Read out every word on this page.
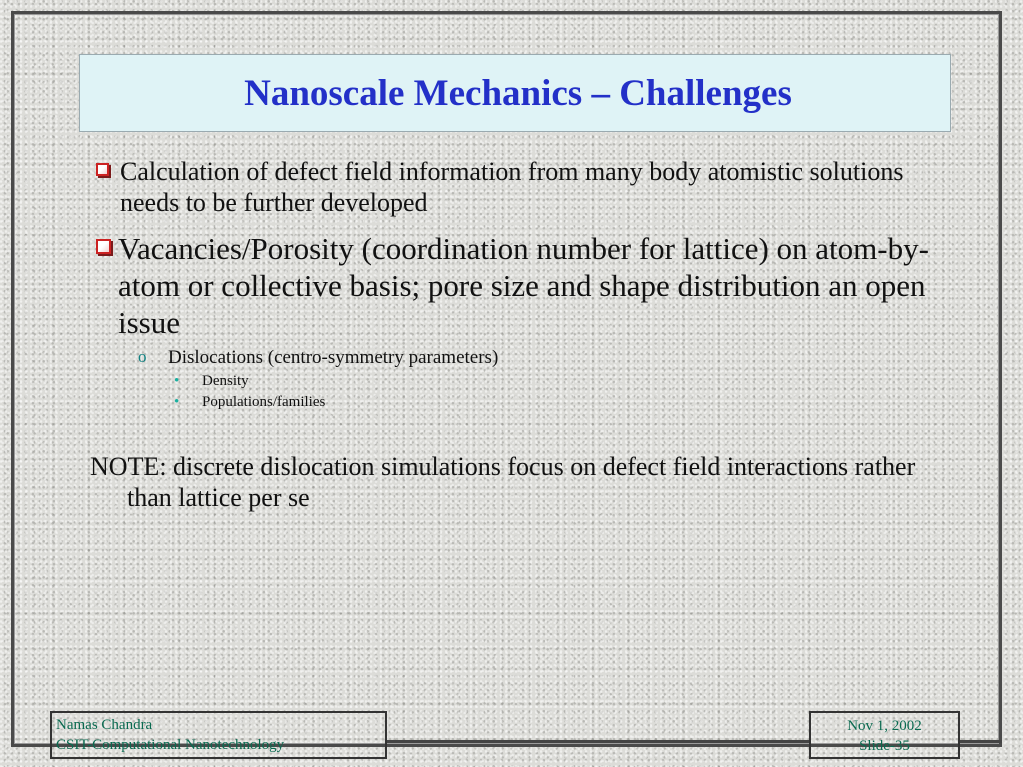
Nanoscale Mechanics – Challenges
Calculation of defect field information from many body atomistic solutions needs to be further developed
Vacancies/Porosity (coordination number for lattice) on atom-by-atom or collective basis; pore size and shape distribution an open issue
o	Dislocations (centro-symmetry parameters)
•	Density
•	Populations/families
NOTE: discrete dislocation simulations focus on defect field interactions rather than lattice per se
Namas Chandra
CSIT-Computational Nanotechnology
Nov 1, 2002
Slide-35
